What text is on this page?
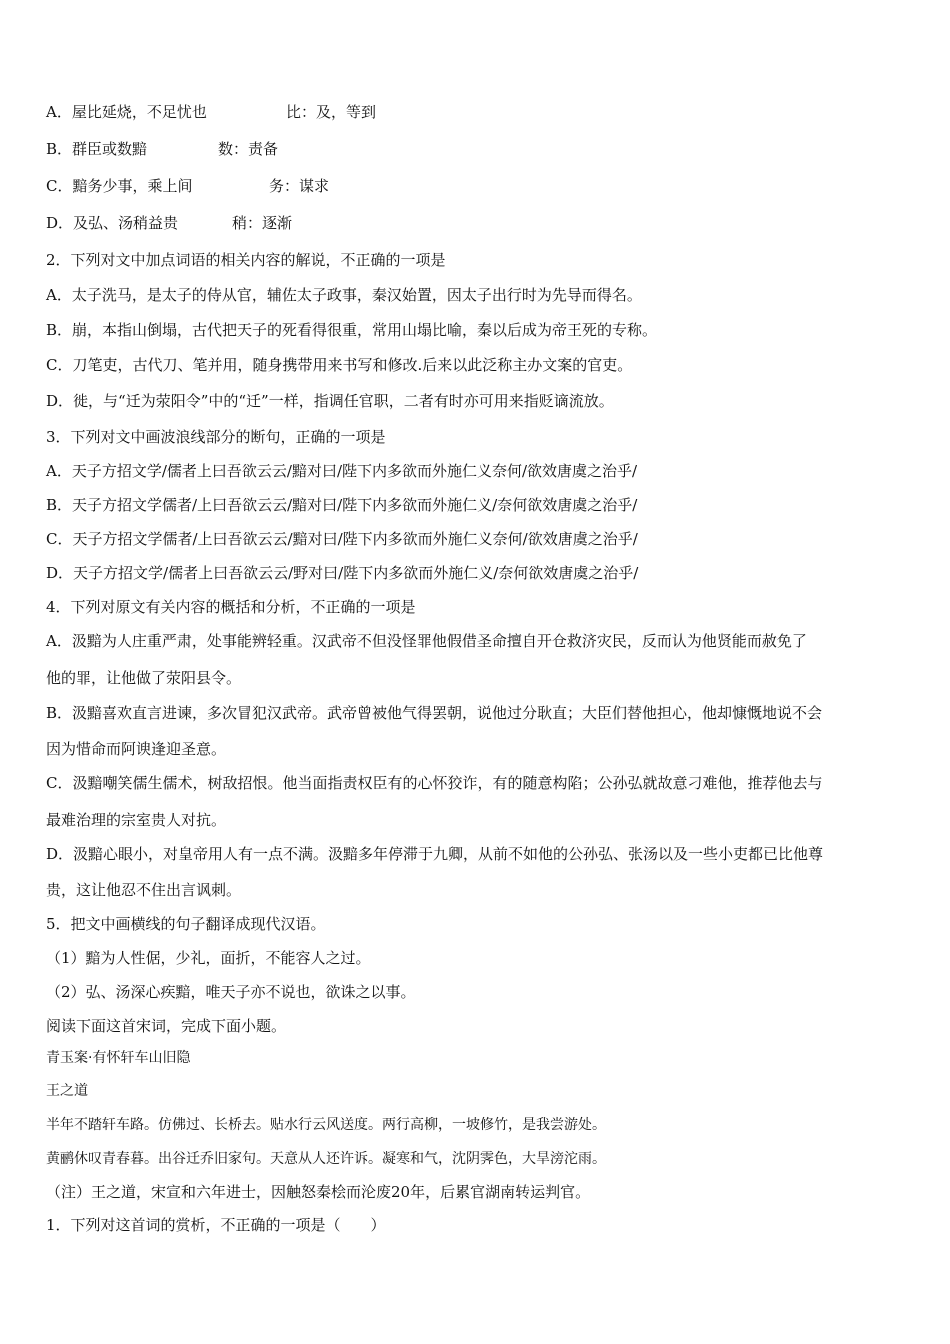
A．屋比延烧，不足忧也	比：及，等到
B．群臣或数黯	数：责备
C．黯务少事，乘上间	务：谋求
D．及弘、汤稍益贵	稍：逐渐
2．下列对文中加点词语的相关内容的解说，不正确的一项是
A．太子洗马，是太子的侍从官，辅佐太子政事，秦汉始置，因太子出行时为先导而得名。
B．崩，本指山倒塌，古代把天子的死看得很重，常用山塌比喻，秦以后成为帝王死的专称。
C．刀笔吏，古代刀、笔并用，随身携带用来书写和修改.后来以此泛称主办文案的官吏。
D．徙，与“迁为荥阳令”中的“迁”一样，指调任官职，二者有时亦可用来指贬谪流放。
3．下列对文中画波浪线部分的断句，正确的一项是
A．天子方招文学/儒者上曰吾欲云云/黯对曰/陛下内多欲而外施仁义奈何/欲效唐虞之治乎/
B．天子方招文学儒者/上曰吾欲云云/黯对曰/陛下内多欲而外施仁义/奈何欲效唐虞之治乎/
C．天子方招文学儒者/上曰吾欲云云/黯对曰/陛下内多欲而外施仁义奈何/欲效唐虞之治乎/
D．天子方招文学/儒者上曰吾欲云云/野对曰/陛下内多欲而外施仁义/奈何欲效唐虞之治乎/
4．下列对原文有关内容的概括和分析，不正确的一项是
A．汲黯为人庄重严肃，处事能辨轻重。汉武帝不但没怪罪他假借圣命擅自开仓救济灾民，反而认为他贤能而赦免了
他的罪，让他做了荥阳县令。
B．汲黯喜欢直言进谏，多次冒犯汉武帝。武帝曾被他气得罢朝，说他过分耿直；大臣们替他担心，他却慷慨地说不会
因为惜命而阿谀逢迎圣意。
C．汲黯嘲笑儒生儒术，树敌招恨。他当面指责权臣有的心怀狡诈，有的随意构陷；公孙弘就故意刁难他，推荐他去与
最难治理的宗室贵人对抗。
D．汲黯心眼小，对皇帝用人有一点不满。汲黯多年停滞于九卿，从前不如他的公孙弘、张汤以及一些小吏都已比他尊
贵，这让他忍不住出言讽刺。
5．把文中画横线的句子翻译成现代汉语。
（1）黯为人性倨，少礼，面折，不能容人之过。
（2）弘、汤深心疾黯，唯天子亦不说也，欲诛之以事。
阅读下面这首宋词，完成下面小题。
青玉案·有怀轩车山旧隐
王之道
半年不踏轩车路。仿佛过、长桥去。贴水行云风送度。两行高柳，一坡修竹，是我尝游处。
黄鹂休叹青春暮。出谷迁乔旧家句。天意从人还许诉。凝寒和气，沈阴霁色，大旱滂沱雨。
（注）王之道，宋宣和六年进士，因触怒秦桧而沦废20年，后累官湖南转运判官。
1．下列对这首词的赏析，不正确的一项是（　　）
